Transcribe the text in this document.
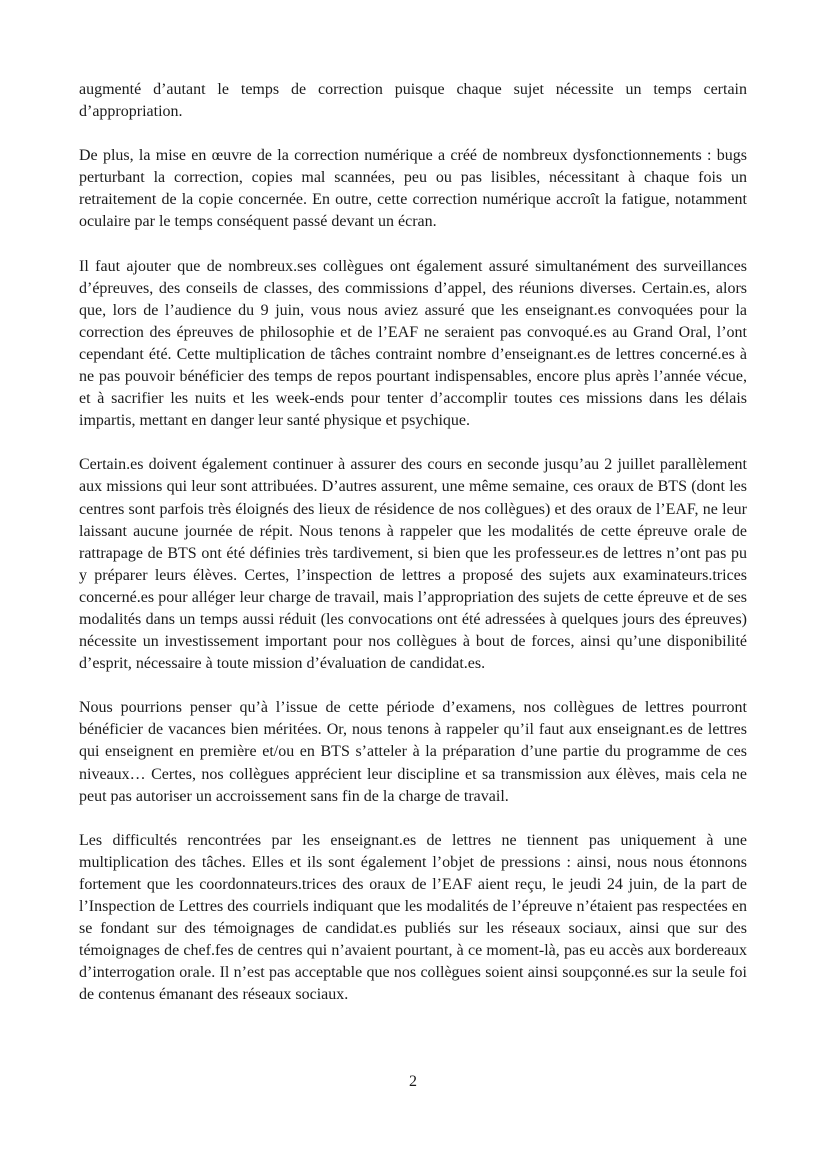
augmenté d’autant le temps de correction puisque chaque sujet nécessite un temps certain d’appropriation.

De plus, la mise en œuvre de la correction numérique a créé de nombreux dysfonctionnements : bugs perturbant la correction, copies mal scannées, peu ou pas lisibles, nécessitant à chaque fois un retraitement de la copie concernée. En outre, cette correction numérique accroît la fatigue, notamment oculaire par le temps conséquent passé devant un écran.

Il faut ajouter que de nombreux.ses collègues ont également assuré simultanément des surveillances d’épreuves, des conseils de classes, des commissions d’appel, des réunions diverses. Certain.es, alors que, lors de l’audience du 9 juin, vous nous aviez assuré que les enseignant.es convoquées pour la correction des épreuves de philosophie et de l’EAF ne seraient pas convoqué.es au Grand Oral, l’ont cependant été. Cette multiplication de tâches contraint nombre d’enseignant.es de lettres concerné.es à ne pas pouvoir bénéficier des temps de repos pourtant indispensables, encore plus après l’année vécue, et à sacrifier les nuits et les week-ends pour tenter d’accomplir toutes ces missions dans les délais impartis, mettant en danger leur santé physique et psychique.

Certain.es doivent également continuer à assurer des cours en seconde jusqu’au 2 juillet parallèlement aux missions qui leur sont attribuées. D’autres assurent, une même semaine, ces oraux de BTS (dont les centres sont parfois très éloignés des lieux de résidence de nos collègues) et des oraux de l’EAF, ne leur laissant aucune journée de répit. Nous tenons à rappeler que les modalités de cette épreuve orale de rattrapage de BTS ont été définies très tardivement, si bien que les professeur.es de lettres n’ont pas pu y préparer leurs élèves. Certes, l’inspection de lettres a proposé des sujets aux examinateurs.trices concerné.es pour alléger leur charge de travail, mais l’appropriation des sujets de cette épreuve et de ses modalités dans un temps aussi réduit (les convocations ont été adressées à quelques jours des épreuves) nécessite un investissement important pour nos collègues à bout de forces, ainsi qu’une disponibilité d’esprit, nécessaire à toute mission d’évaluation de candidat.es.

Nous pourrions penser qu’à l’issue de cette période d’examens, nos collègues de lettres pourront bénéficier de vacances bien méritées. Or, nous tenons à rappeler qu’il faut aux enseignant.es de lettres qui enseignent en première et/ou en BTS s’atteler à la préparation d’une partie du programme de ces niveaux… Certes, nos collègues apprécient leur discipline et sa transmission aux élèves, mais cela ne peut pas autoriser un accroissement sans fin de la charge de travail.

Les difficultés rencontrées par les enseignant.es de lettres ne tiennent pas uniquement à une multiplication des tâches. Elles et ils sont également l’objet de pressions : ainsi, nous nous étonnons fortement que les coordonnateurs.trices des oraux de l’EAF aient reçu, le jeudi 24 juin, de la part de l’Inspection de Lettres des courriels indiquant que les modalités de l’épreuve n’étaient pas respectées en se fondant sur des témoignages de candidat.es publiés sur les réseaux sociaux, ainsi que sur des témoignages de chef.fes de centres qui n’avaient pourtant, à ce moment-là, pas eu accès aux bordereaux d’interrogation orale. Il n’est pas acceptable que nos collègues soient ainsi soupçonné.es sur la seule foi de contenus émanant des réseaux sociaux.

2
